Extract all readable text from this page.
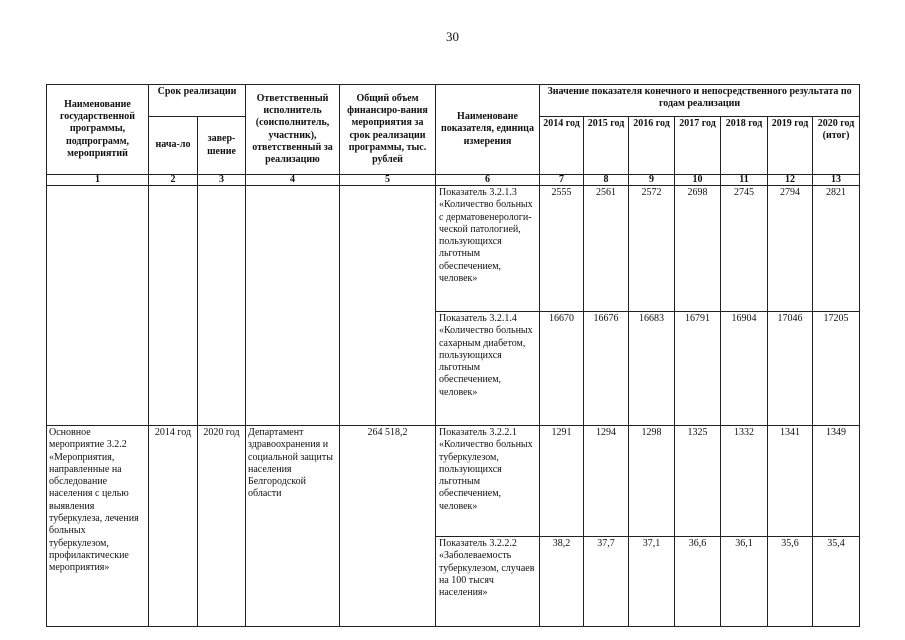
30
Наименование государственной программы, подпрограмм, мероприятий	Срок реализации		Ответственный исполнитель (соисполнитель, участник), ответственный за реализацию	Общий объем финансиро-вания мероприятия за срок реализации программы, тыс. рублей	Наименоване показателя, единица измерения	Значение показателя конечного и непосредственного результата по годам реализации						
	нача-ло	завер-шение				2014 год	2015 год	2016 год	2017 год	2018 год	2019 год	2020 год (итог)
1	2	3	4	5	6	7	8	9	10	11	12	13
					Показатель 3.2.1.3 «Количество больных с дерматовенерологи-ческой патологией, пользующихся льготным обеспечением, человек»	2555	2561	2572	2698	2745	2794	2821
					Показатель 3.2.1.4 «Количество больных сахарным диабетом, пользующихся льготным обеспечением, человек»	16670	16676	16683	16791	16904	17046	17205
Основное мероприятие 3.2.2 «Мероприятия, направленные на обследование населения с целью выявления туберкулеза, лечения больных туберкулезом, профилактические мероприятия»	2014 год	2020 год	Департамент здравоохранения и социальной защиты населения Белгородской области	264 518,2	Показатель 3.2.2.1 «Количество больных туберкулезом, пользующихся льготным обеспечением, человек»	1291	1294	1298	1325	1332	1341	1349
					Показатель 3.2.2.2 «Заболеваемость туберкулезом, случаев на 100 тысяч населения»	38,2	37,7	37,1	36,6	36,1	35,6	35,4
